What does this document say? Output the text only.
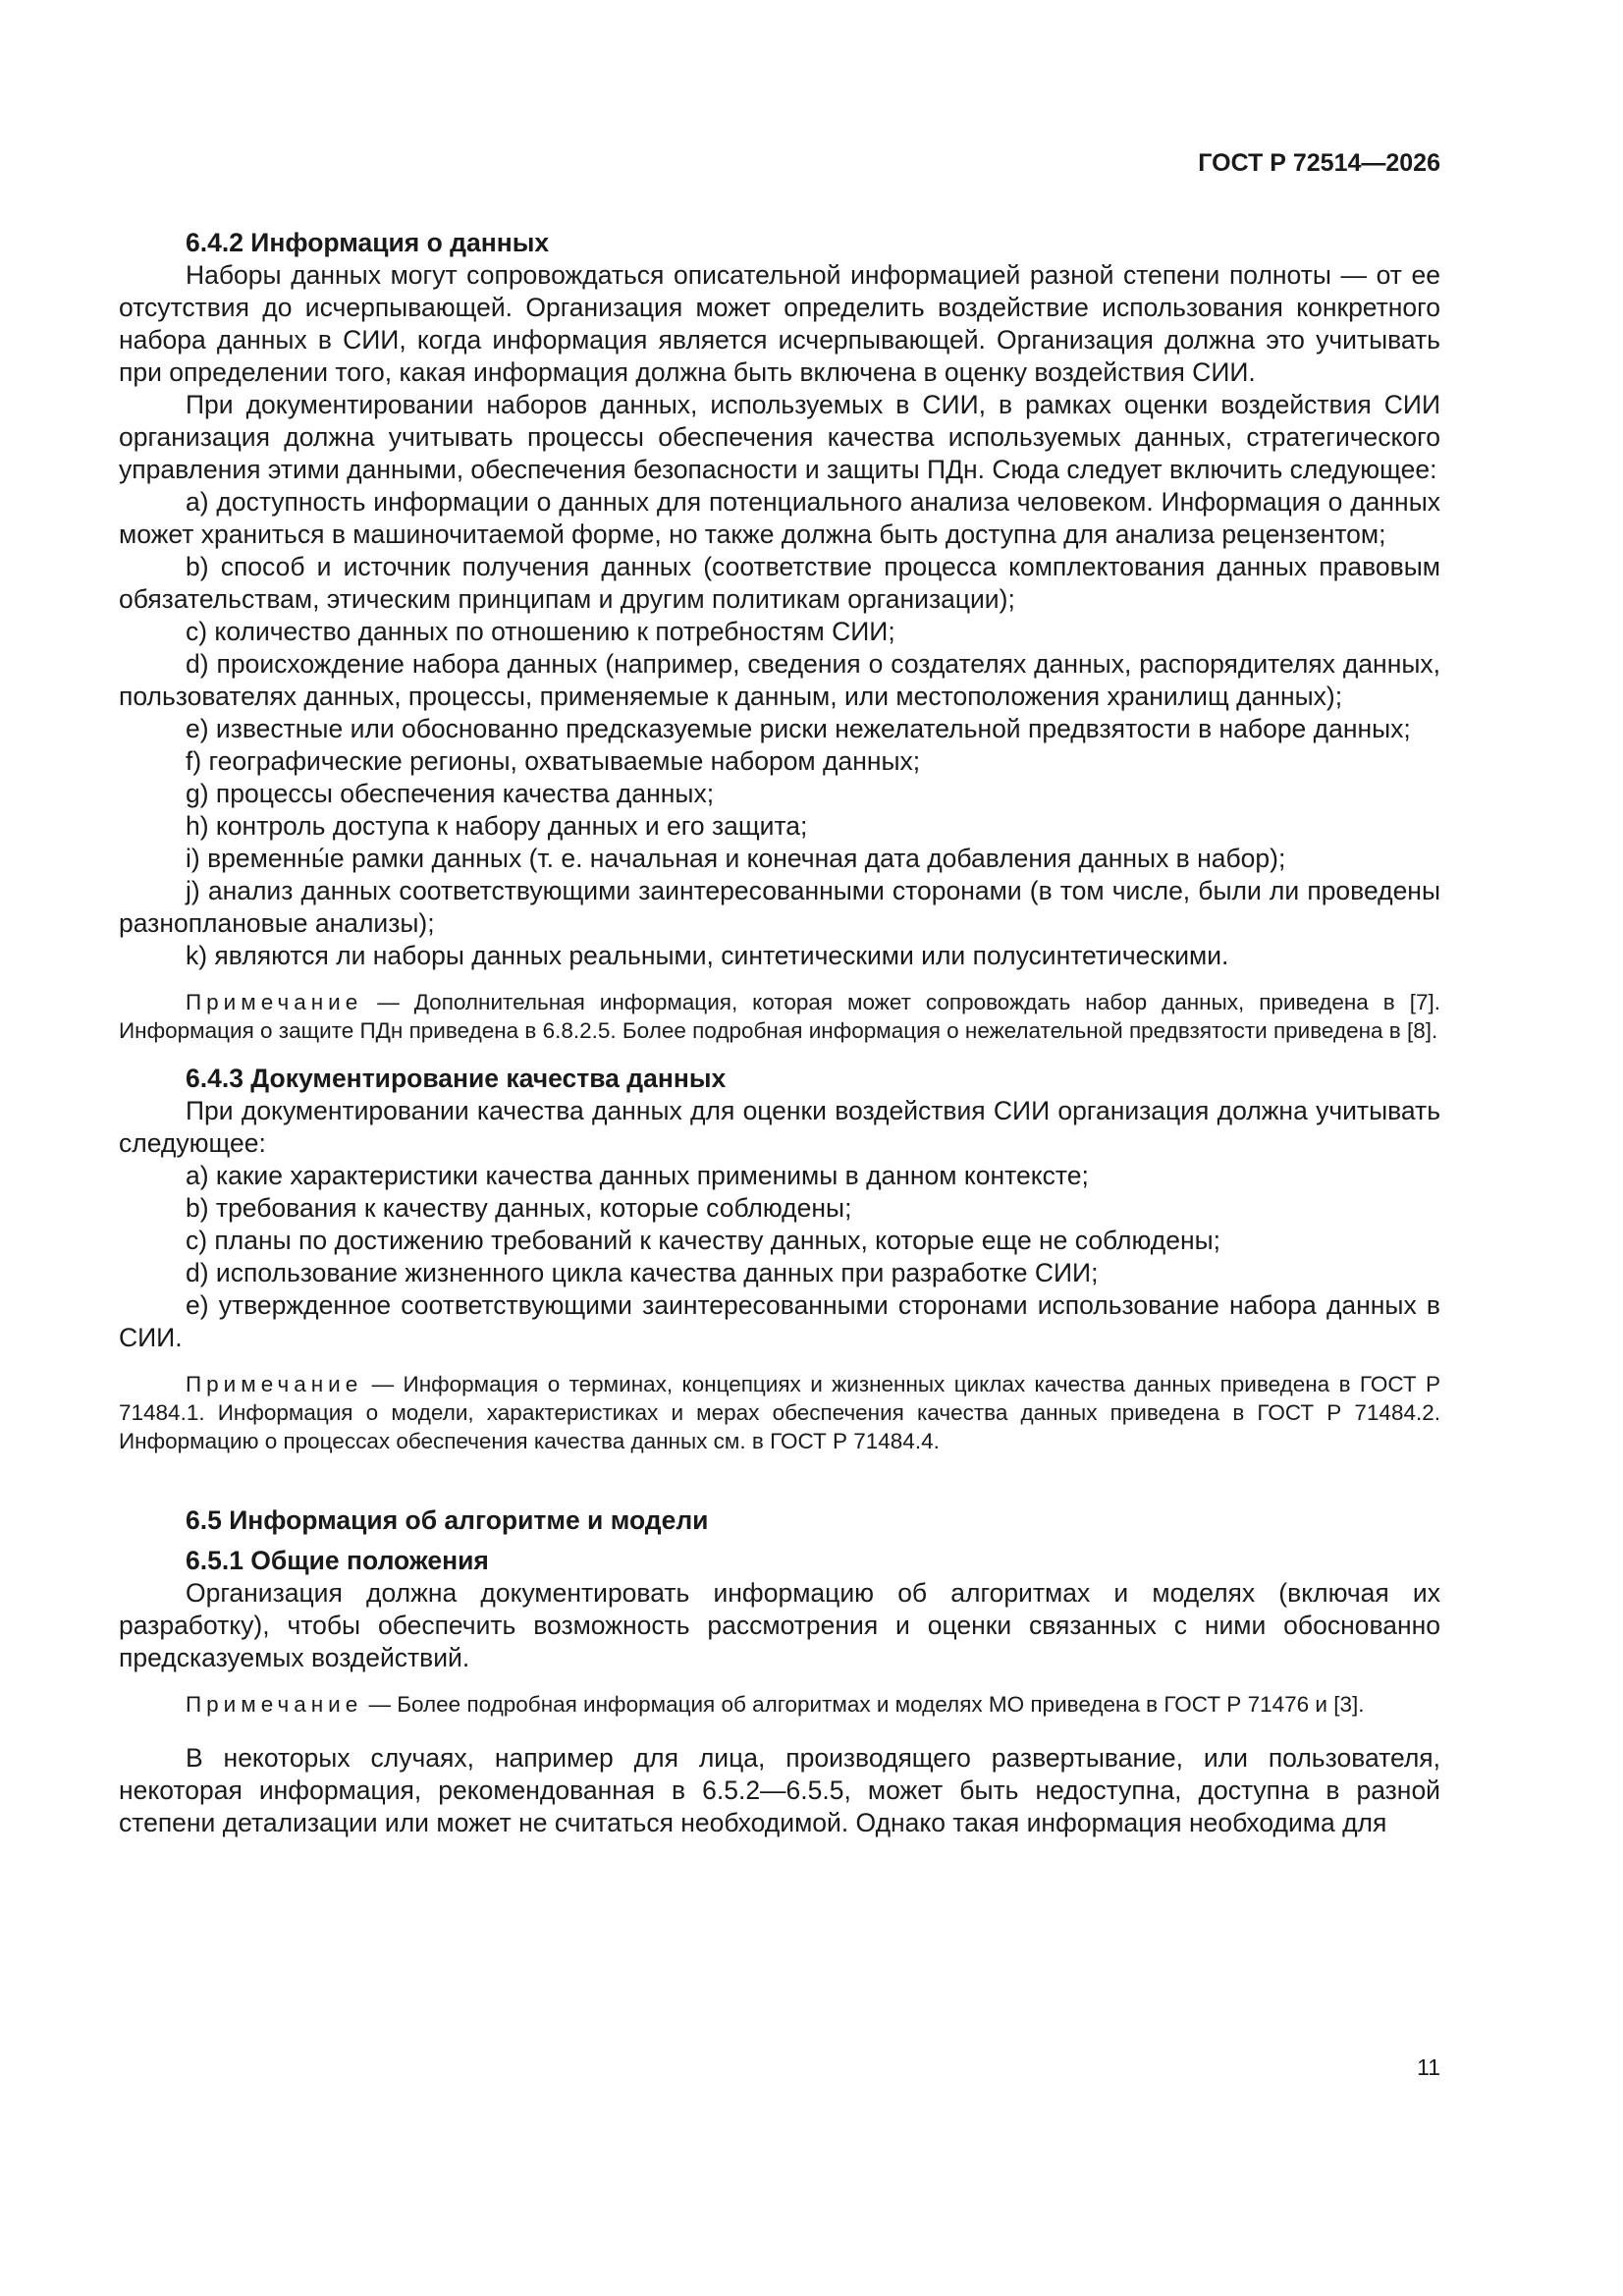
ГОСТ Р 72514—2026

6.4.2 Информация о данных

Наборы данных могут сопровождаться описательной информацией разной степени полноты — от ее отсутствия до исчерпывающей. Организация может определить воздействие использования конкретного набора данных в СИИ, когда информация является исчерпывающей. Организация должна это учитывать при определении того, какая информация должна быть включена в оценку воздействия СИИ.

При документировании наборов данных, используемых в СИИ, в рамках оценки воздействия СИИ организация должна учитывать процессы обеспечения качества используемых данных, стратегического управления этими данными, обеспечения безопасности и защиты ПДн. Сюда следует включить следующее:

a) доступность информации о данных для потенциального анализа человеком. Информация о данных может храниться в машиночитаемой форме, но также должна быть доступна для анализа рецензентом;

b) способ и источник получения данных (соответствие процесса комплектования данных правовым обязательствам, этическим принципам и другим политикам организации);

c) количество данных по отношению к потребностям СИИ;

d) происхождение набора данных (например, сведения о создателях данных, распорядителях данных, пользователях данных, процессы, применяемые к данным, или местоположения хранилищ данных);

e) известные или обоснованно предсказуемые риски нежелательной предвзятости в наборе данных;

f) географические регионы, охватываемые набором данных;

g) процессы обеспечения качества данных;

h) контроль доступа к набору данных и его защита;

i) временны́е рамки данных (т. е. начальная и конечная дата добавления данных в набор);

j) анализ данных соответствующими заинтересованными сторонами (в том числе, были ли проведены разноплановые анализы);

k) являются ли наборы данных реальными, синтетическими или полусинтетическими.

Примечание — Дополнительная информация, которая может сопровождать набор данных, приведена в [7]. Информация о защите ПДн приведена в 6.8.2.5. Более подробная информация о нежелательной предвзятости приведена в [8].

6.4.3 Документирование качества данных

При документировании качества данных для оценки воздействия СИИ организация должна учитывать следующее:

a) какие характеристики качества данных применимы в данном контексте;

b) требования к качеству данных, которые соблюдены;

c) планы по достижению требований к качеству данных, которые еще не соблюдены;

d) использование жизненного цикла качества данных при разработке СИИ;

e) утвержденное соответствующими заинтересованными сторонами использование набора данных в СИИ.

Примечание — Информация о терминах, концепциях и жизненных циклах качества данных приведена в ГОСТ Р 71484.1. Информация о модели, характеристиках и мерах обеспечения качества данных приведена в ГОСТ Р 71484.2. Информацию о процессах обеспечения качества данных см. в ГОСТ Р 71484.4.

6.5 Информация об алгоритме и модели

6.5.1 Общие положения

Организация должна документировать информацию об алгоритмах и моделях (включая их разработку), чтобы обеспечить возможность рассмотрения и оценки связанных с ними обоснованно предсказуемых воздействий.

Примечание — Более подробная информация об алгоритмах и моделях МО приведена в ГОСТ Р 71476 и [3].

В некоторых случаях, например для лица, производящего развертывание, или пользователя, некоторая информация, рекомендованная в 6.5.2—6.5.5, может быть недоступна, доступна в разной степени детализации или может не считаться необходимой. Однако такая информация необходима для

11
